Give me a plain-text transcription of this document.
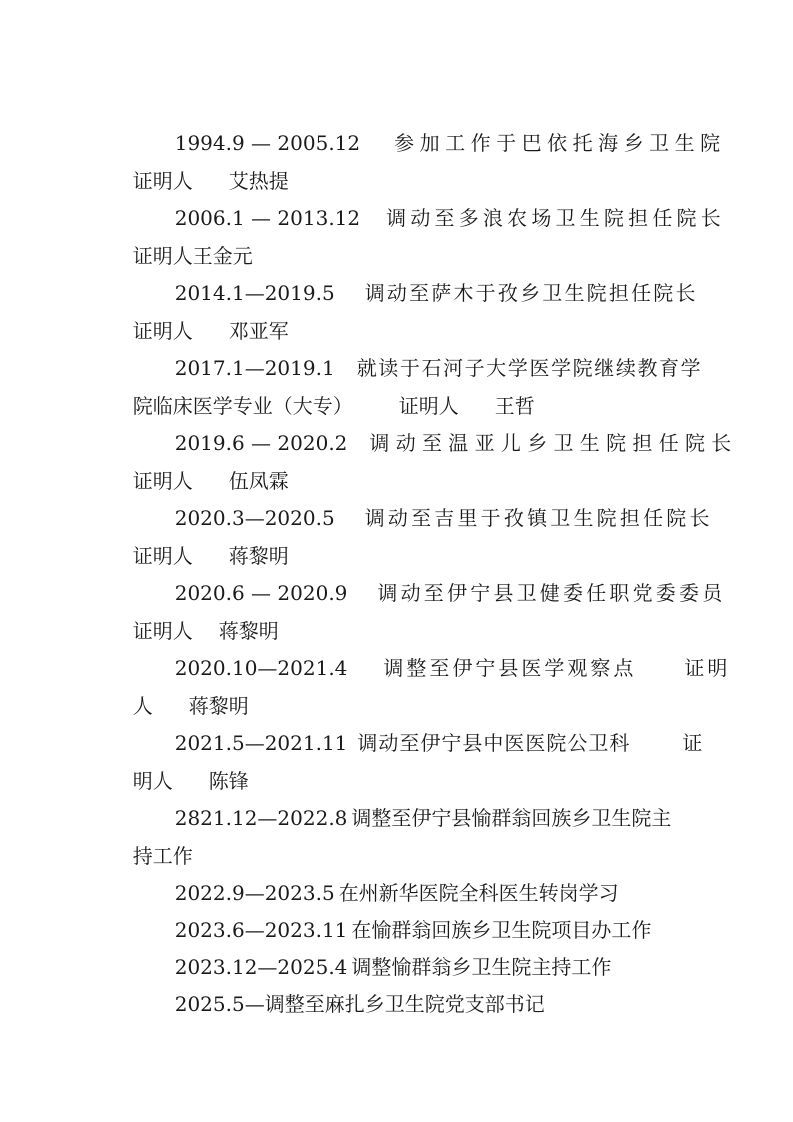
1994.9 — 2005.12 参加工作于巴依托海乡卫生院

证明人 艾热提

2006.1 — 2013.12 调动至多浪农场卫生院担任院长

证明人王金元

2014.1—2019.5 调动至萨木于孜乡卫生院担任院长

证明人 邓亚军

2017.1—2019.1 就读于石河子大学医学院继续教育学

院临床医学专业（大专） 证明人 王哲

2019.6 — 2020.2 调动至温亚儿乡卫生院担任院长

证明人 伍凤霖

2020.3—2020.5 调动至吉里于孜镇卫生院担任院长

证明人 蒋黎明

2020.6 — 2020.9 调动至伊宁县卫健委任职党委委员

证明人 蒋黎明

2020.10—2021.4 调整至伊宁县医学观察点 证明

人 蒋黎明

2021.5—2021.11 调动至伊宁县中医医院公卫科	证

明人 陈锋

2821.12—2022.8 调整至伊宁县愉群翁回族乡卫生院主

持工作

2022.9—2023.5 在州新华医院全科医生转岗学习

2023.6—2023.11 在愉群翁回族乡卫生院项目办工作

2023.12—2025.4 调整愉群翁乡卫生院主持工作

2025.5—调整至麻扎乡卫生院党支部书记
